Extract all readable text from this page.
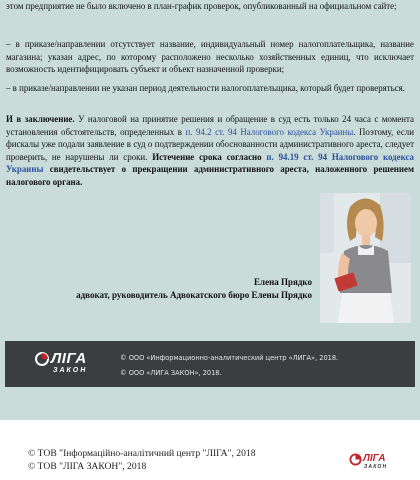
этом предприятие не было включено в план-график проверок, опубликованный на официальном сайте;

– в приказе/направлении отсутствует название, индивидуальный номер налогоплательщика, название магазина; указан адрес, по которому расположено несколько хозяйственных единиц, что исключает возможность идентифицировать субъект и объект назначенной проверки;

– в приказе/направлении не указан период деятельности налогоплательщика, который будет проверяться.

И в заключение. У налоговой на принятие решения и обращение в суд есть только 24 часа с момента установления обстоятельств, определенных в п. 94.2 ст. 94 Налогового кодекса Украины. Поэтому, если фискалы уже подали заявление в суд о подтверждении обоснованности административного ареста, следует проверить, не нарушены ли сроки. Истечение срока согласно п. 94.19 ст. 94 Налогового кодекса Украины свидетельствует о прекращении административного ареста, наложенного решением налогового органа.

Елена Прядко
адвокат, руководитель Адвокатского бюро Елены Прядко
ЛІГА
ЗАКОН
© ООО «Информационно-аналитический центр «ЛИГА», 2018.
© ООО «ЛИГА ЗАКОН», 2018.
© ТОВ "Інформаційно-аналітичний центр "ЛІГА", 2018
© ТОВ "ЛІГА ЗАКОН", 2018
ЛІГА
ЗАКОН
